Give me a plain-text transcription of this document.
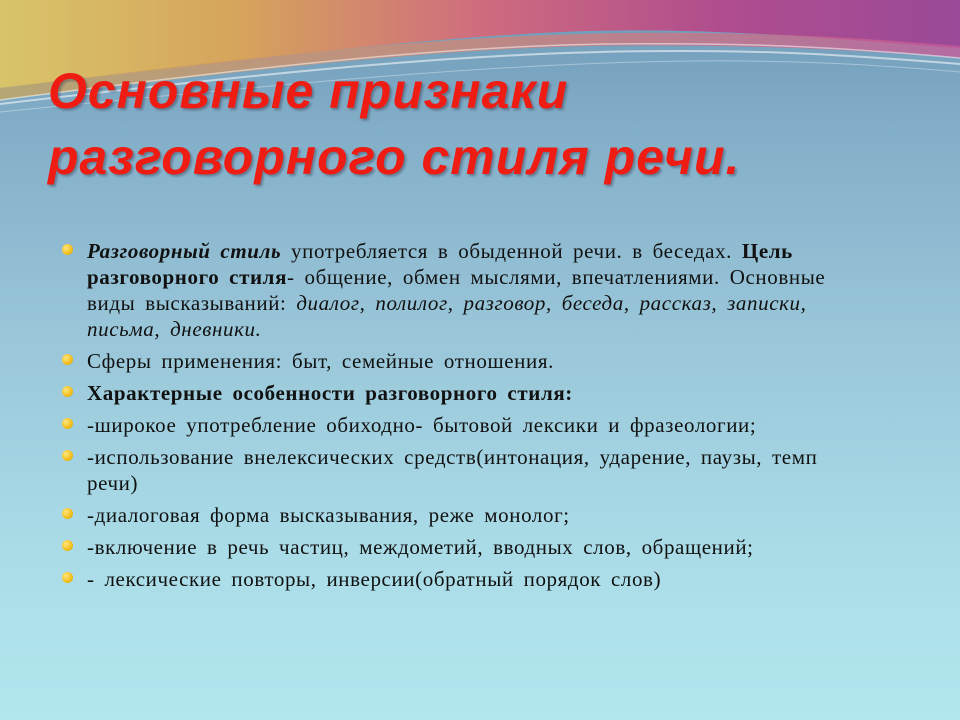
Основные признаки
разговорного стиля речи.
Разговорный стиль употребляется в обыденной речи. в беседах. Цель разговорного стиля- общение, обмен мыслями, впечатлениями. Основные виды высказываний: диалог, полилог, разговор, беседа, рассказ, записки, письма, дневники.
Сферы применения: быт, семейные отношения.
Характерные особенности разговорного стиля:
-широкое употребление обиходно- бытовой лексики и фразеологии;
-использование внелексических средств(интонация, ударение, паузы, темп речи)
-диалоговая форма высказывания, реже монолог;
-включение в речь частиц, междометий, вводных слов, обращений;
- лексические повторы, инверсии(обратный порядок слов)
